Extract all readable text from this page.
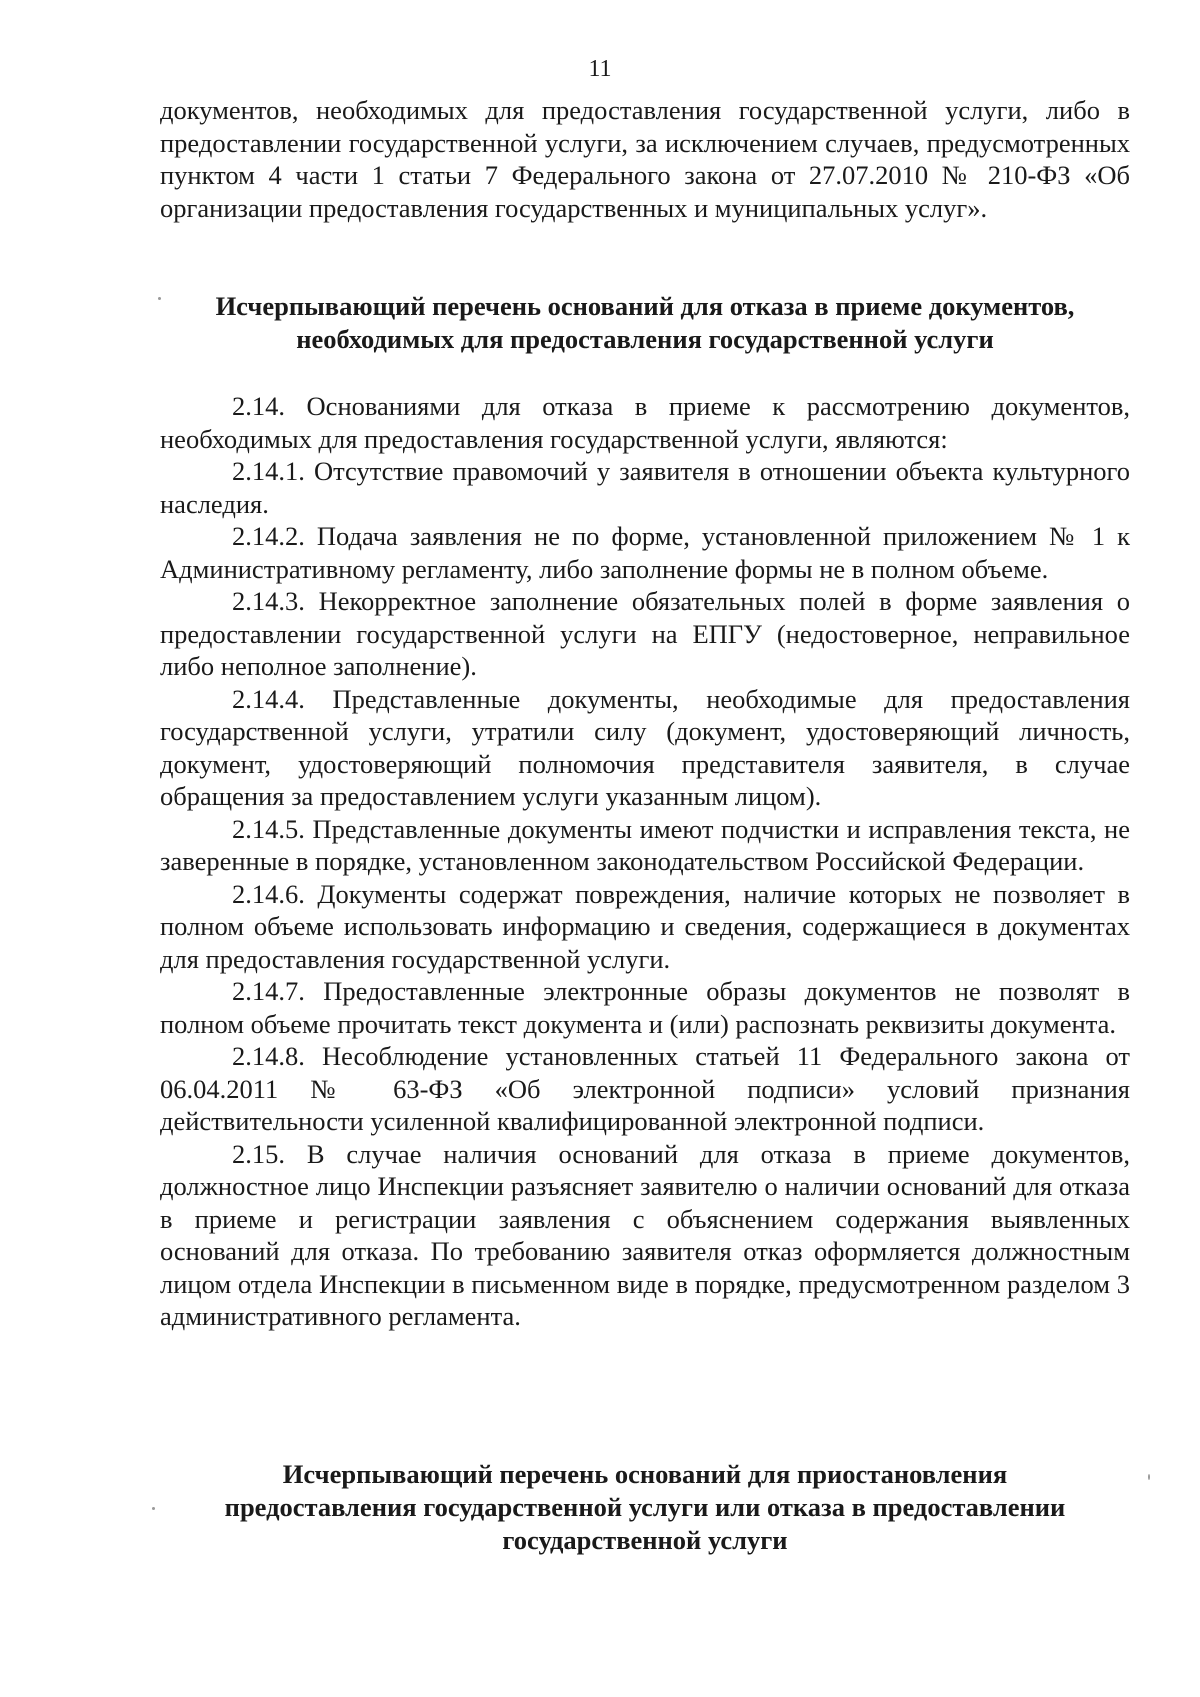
11

документов, необходимых для предоставления государственной услуги, либо в предоставлении государственной услуги, за исключением случаев, предусмотренных пунктом 4 части 1 статьи 7 Федерального закона от 27.07.2010 № 210-ФЗ «Об организации предоставления государственных и муниципальных услуг».

Исчерпывающий перечень оснований для отказа в приеме документов,

необходимых для предоставления государственной услуги

2.14. Основаниями для отказа в приеме к рассмотрению документов, необходимых для предоставления государственной услуги, являются:

2.14.1. Отсутствие правомочий у заявителя в отношении объекта культурного наследия.

2.14.2. Подача заявления не по форме, установленной приложением № 1 к Административному регламенту, либо заполнение формы не в полном объеме.

2.14.3. Некорректное заполнение обязательных полей в форме заявления о предоставлении государственной услуги на ЕПГУ (недостоверное, неправильное либо неполное заполнение).

2.14.4. Представленные документы, необходимые для предоставления государственной услуги, утратили силу (документ, удостоверяющий личность, документ, удостоверяющий полномочия представителя заявителя, в случае обращения за предоставлением услуги указанным лицом).

2.14.5. Представленные документы имеют подчистки и исправления текста, не заверенные в порядке, установленном законодательством Российской Федерации.

2.14.6. Документы содержат повреждения, наличие которых не позволяет в полном объеме использовать информацию и сведения, содержащиеся в документах для предоставления государственной услуги.

2.14.7. Предоставленные электронные образы документов не позволят в полном объеме прочитать текст документа и (или) распознать реквизиты документа.

2.14.8. Несоблюдение установленных статьей 11 Федерального закона от 06.04.2011 № 63-ФЗ «Об электронной подписи» условий признания действительности усиленной квалифицированной электронной подписи.

2.15. В случае наличия оснований для отказа в приеме документов, должностное лицо Инспекции разъясняет заявителю о наличии оснований для отказа в приеме и регистрации заявления с объяснением содержания выявленных оснований для отказа. По требованию заявителя отказ оформляется должностным лицом отдела Инспекции в письменном виде в порядке, предусмотренном разделом 3 административного регламента.

Исчерпывающий перечень оснований для приостановления

предоставления государственной услуги или отказа в предоставлении

государственной услуги
